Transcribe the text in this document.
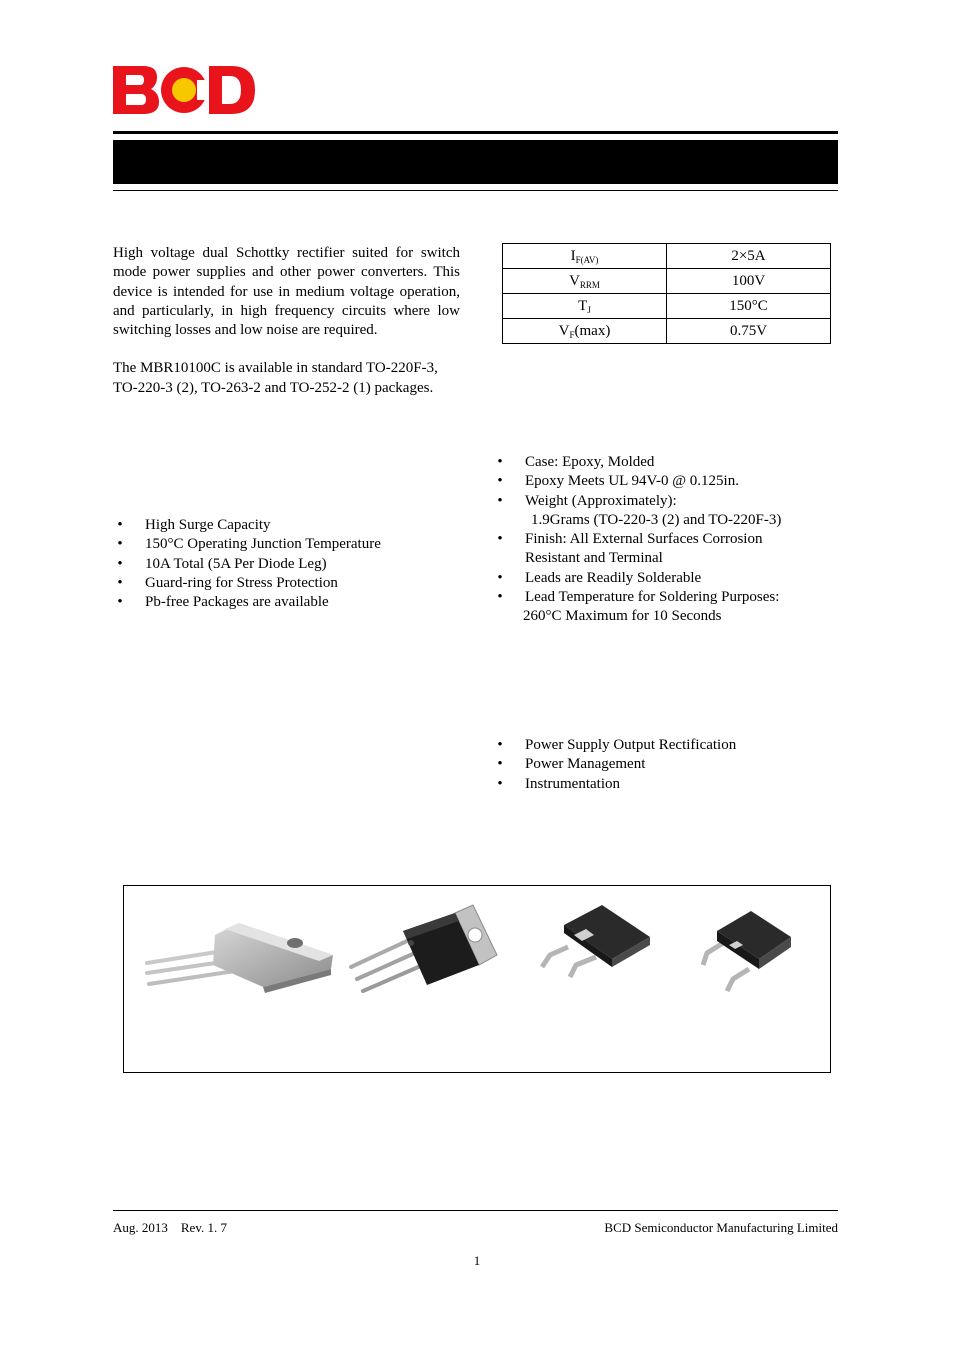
High voltage dual Schottky rectifier suited for switch mode power supplies and other power converters. This device is intended for use in medium voltage operation, and particularly, in high frequency circuits where low switching losses and low noise are required.

The MBR10100C is available in standard TO-220F-3, TO-220-3 (2), TO-263-2 and TO-252-2 (1) packages.

$I_{F(AV)}$	2×5A
$V_{RRM}$	100V
$T_J$	150°C
$V_F(\max)$	0.75V
• High Surge Capacity
• 150°C Operating Junction Temperature
• 10A Total (5A Per Diode Leg)
• Guard-ring for Stress Protection
• Pb-free Packages are available
• Case: Epoxy, Molded
• Epoxy Meets UL 94V-0 @ 0.125in.
• Weight (Approximately):
1.9Grams (TO-220-3 (2) and TO-220F-3)
• Finish: All External Surfaces Corrosion
Resistant and Terminal
• Leads are Readily Solderable
• Lead Temperature for Soldering Purposes:
260°C Maximum for 10 Seconds
• Power Supply Output Rectification
• Power Management
• Instrumentation
Aug. 2013    Rev. 1. 7	BCD Semiconductor Manufacturing Limited
1
